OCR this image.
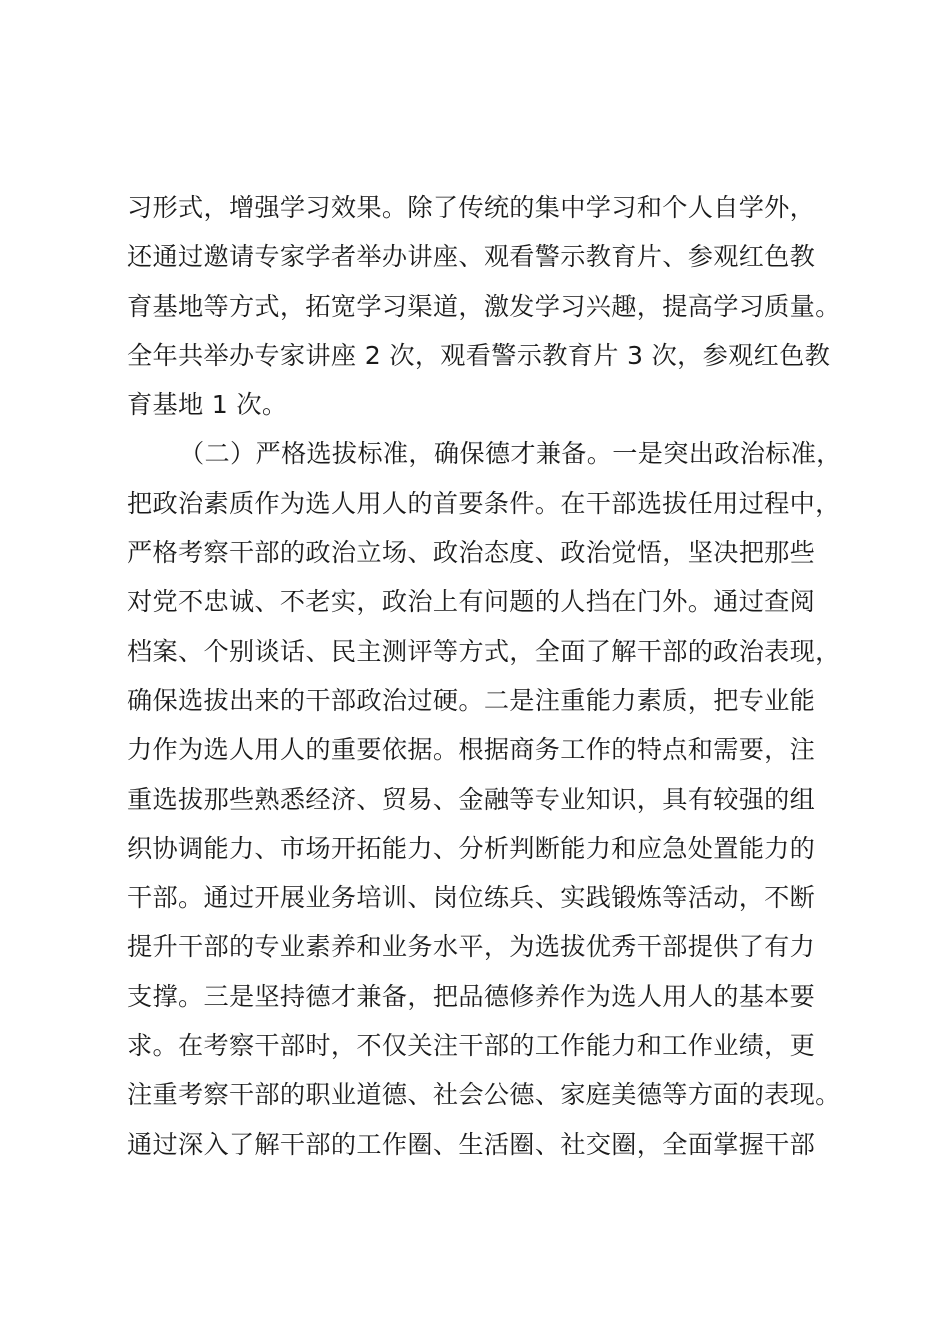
习形式，增强学习效果。除了传统的集中学习和个人自学外，
还通过邀请专家学者举办讲座、观看警示教育片、参观红色教
育基地等方式，拓宽学习渠道，激发学习兴趣，提高学习质量。
全年共举办专家讲座 2 次，观看警示教育片 3 次，参观红色教
育基地 1 次。
（二）严格选拔标准，确保德才兼备。一是突出政治标准，
把政治素质作为选人用人的首要条件。在干部选拔任用过程中，
严格考察干部的政治立场、政治态度、政治觉悟，坚决把那些
对党不忠诚、不老实，政治上有问题的人挡在门外。通过查阅
档案、个别谈话、民主测评等方式，全面了解干部的政治表现，
确保选拔出来的干部政治过硬。二是注重能力素质，把专业能
力作为选人用人的重要依据。根据商务工作的特点和需要，注
重选拔那些熟悉经济、贸易、金融等专业知识，具有较强的组
织协调能力、市场开拓能力、分析判断能力和应急处置能力的
干部。通过开展业务培训、岗位练兵、实践锻炼等活动，不断
提升干部的专业素养和业务水平，为选拔优秀干部提供了有力
支撑。三是坚持德才兼备，把品德修养作为选人用人的基本要
求。在考察干部时，不仅关注干部的工作能力和工作业绩，更
注重考察干部的职业道德、社会公德、家庭美德等方面的表现。
通过深入了解干部的工作圈、生活圈、社交圈，全面掌握干部
